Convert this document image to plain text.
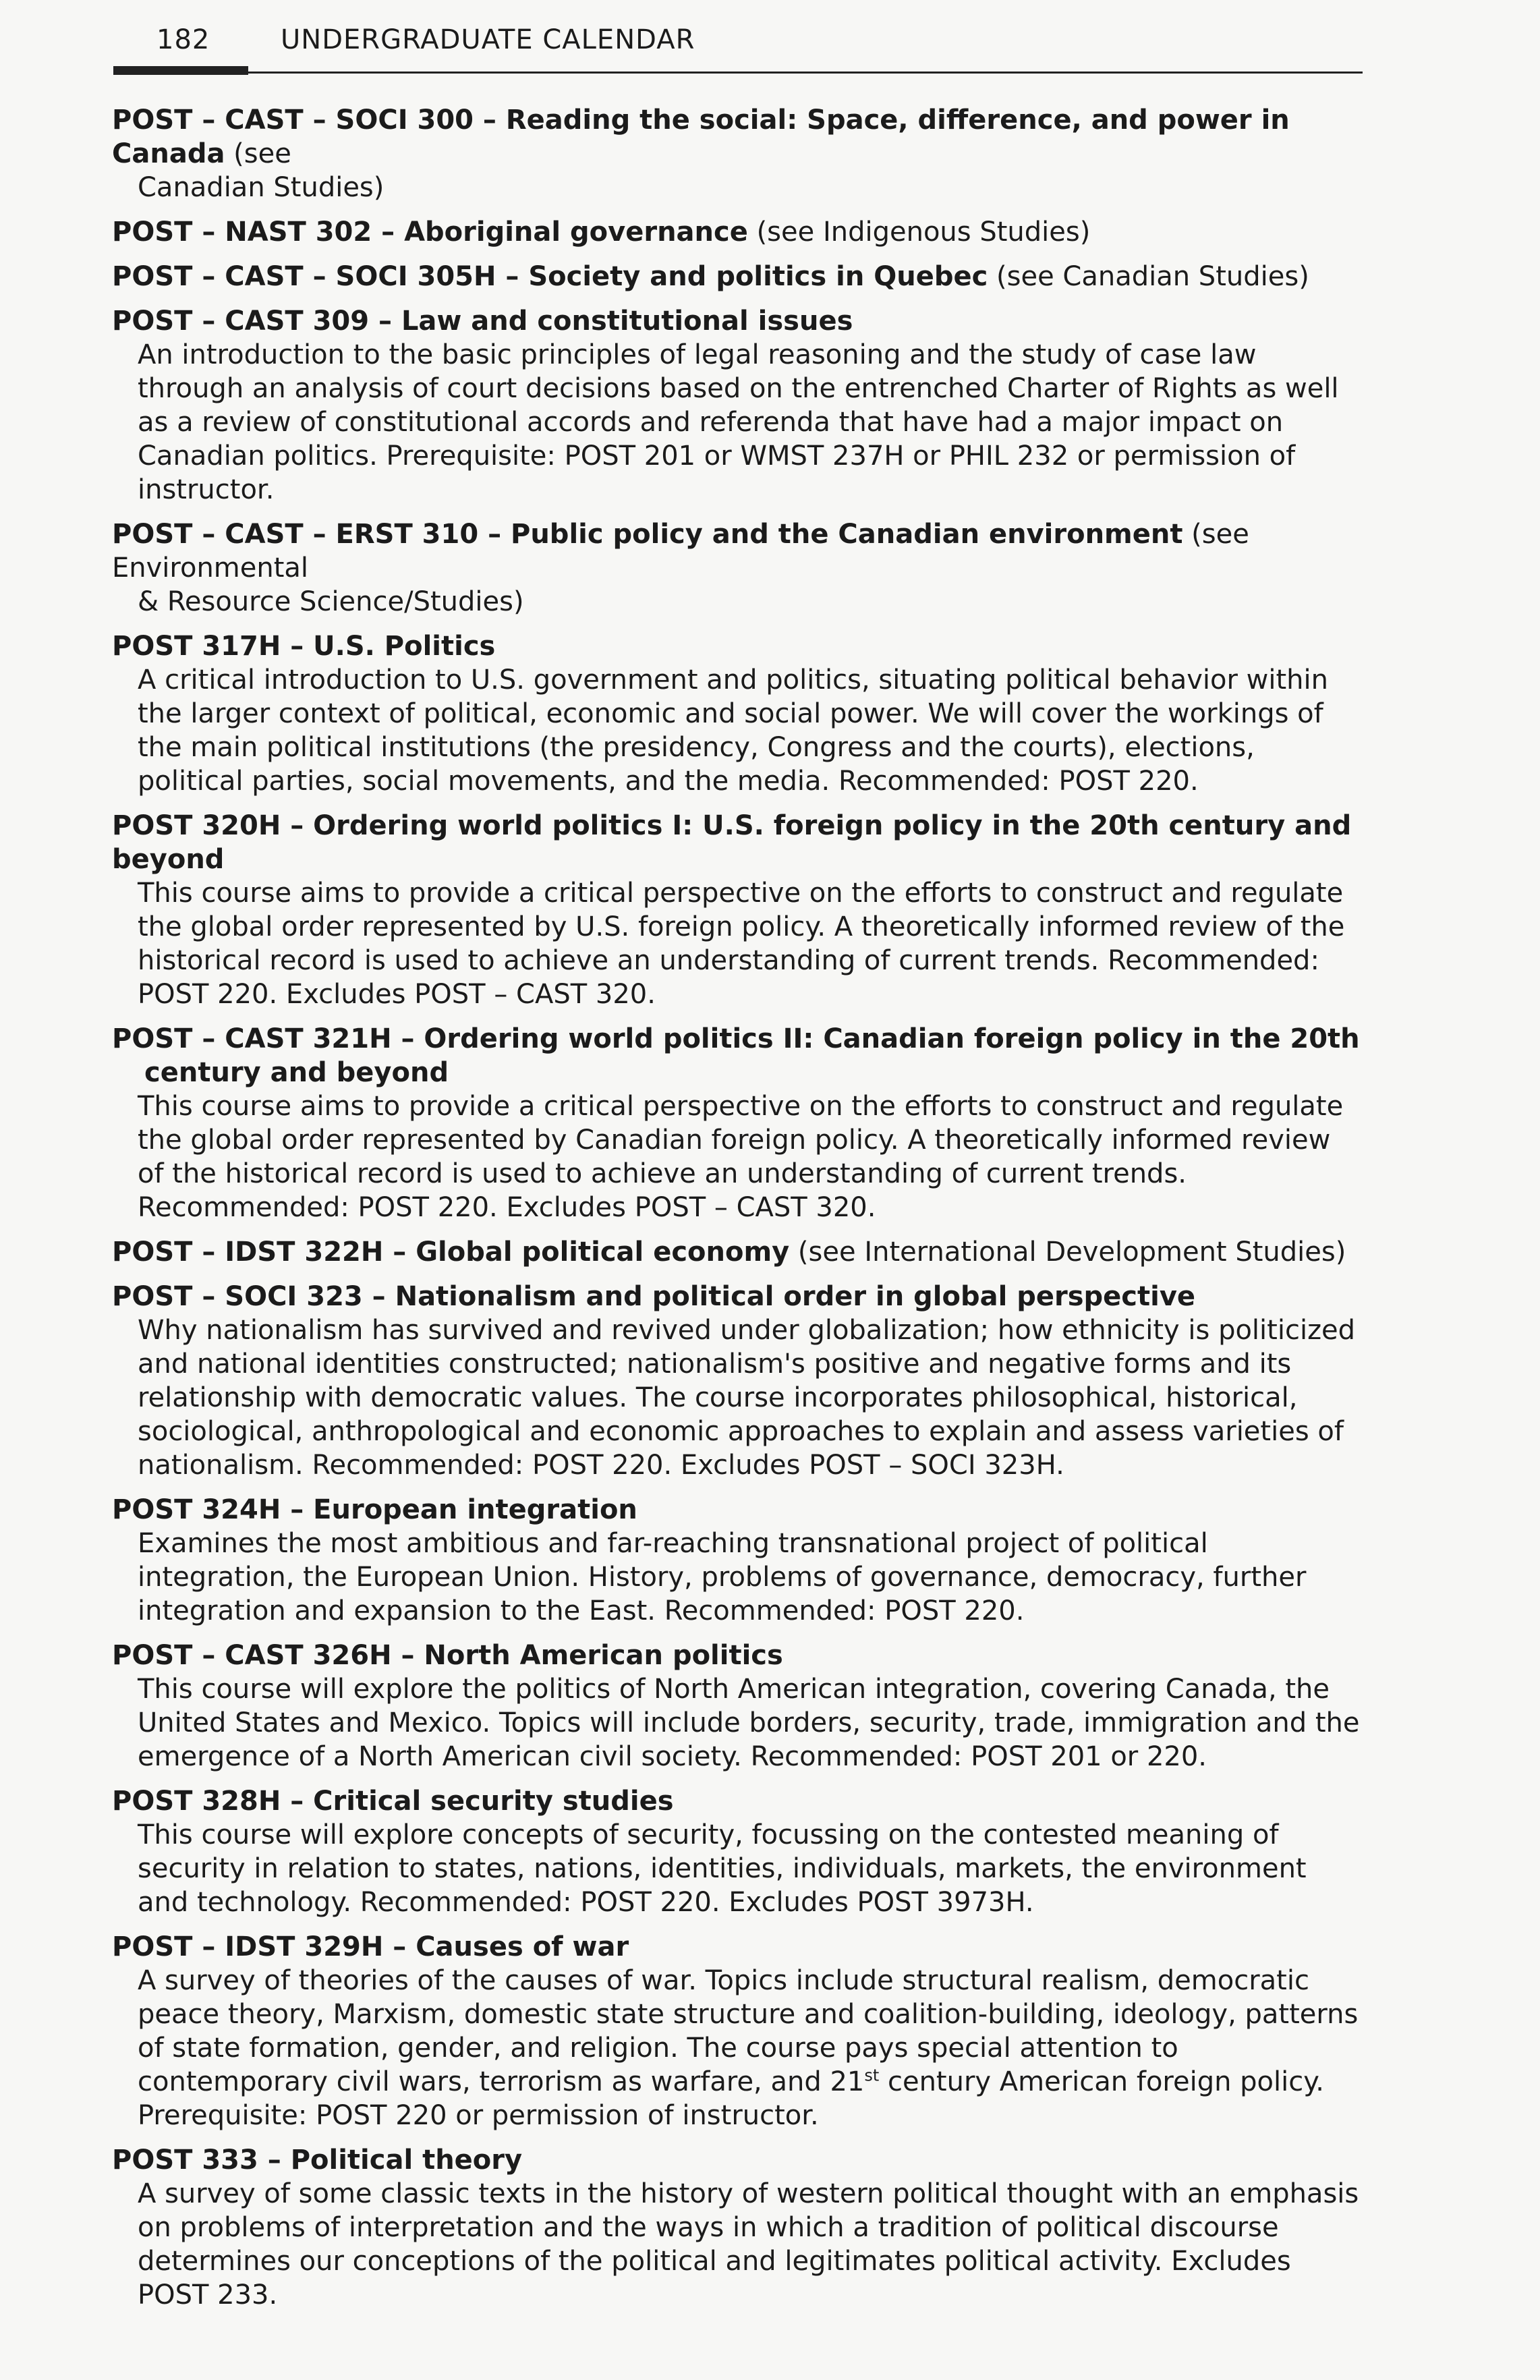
182	UNDERGRADUATE CALENDAR
POST – CAST – SOCI 300 – Reading the social: Space, difference, and power in Canada (see
Canadian Studies)
POST – NAST 302 – Aboriginal governance (see Indigenous Studies)
POST – CAST – SOCI 305H – Society and politics in Quebec (see Canadian Studies)
POST – CAST 309 – Law and constitutional issues
An introduction to the basic principles of legal reasoning and the study of case law through an analysis of court decisions based on the entrenched Charter of Rights as well as a review of constitutional accords and referenda that have had a major impact on Canadian politics. Prerequisite: POST 201 or WMST 237H or PHIL 232 or permission of instructor.
POST – CAST – ERST 310 – Public policy and the Canadian environment (see Environmental
& Resource Science/Studies)
POST 317H – U.S. Politics
A critical introduction to U.S. government and politics, situating political behavior within the larger context of political, economic and social power. We will cover the workings of the main political institutions (the presidency, Congress and the courts), elections, political parties, social movements, and the media. Recommended: POST 220.
POST 320H – Ordering world politics I: U.S. foreign policy in the 20th century and beyond
This course aims to provide a critical perspective on the efforts to construct and regulate the global order represented by U.S. foreign policy. A theoretically informed review of the historical record is used to achieve an understanding of current trends. Recommended: POST 220. Excludes POST – CAST 320.
POST – CAST 321H – Ordering world politics II: Canadian foreign policy in the 20th
century and beyond
This course aims to provide a critical perspective on the efforts to construct and regulate the global order represented by Canadian foreign policy. A theoretically informed review of the historical record is used to achieve an understanding of current trends. Recommended: POST 220. Excludes POST – CAST 320.
POST – IDST 322H – Global political economy (see International Development Studies)
POST – SOCI 323 – Nationalism and political order in global perspective
Why nationalism has survived and revived under globalization; how ethnicity is politicized and national identities constructed; nationalism's positive and negative forms and its relationship with democratic values. The course incorporates philosophical, historical, sociological, anthropological and economic approaches to explain and assess varieties of nationalism. Recommended: POST 220. Excludes POST – SOCI 323H.
POST 324H – European integration
Examines the most ambitious and far-reaching transnational project of political integration, the European Union. History, problems of governance, democracy, further integration and expansion to the East. Recommended: POST 220.
POST – CAST 326H – North American politics
This course will explore the politics of North American integration, covering Canada, the United States and Mexico. Topics will include borders, security, trade, immigration and the emergence of a North American civil society. Recommended: POST 201 or 220.
POST 328H – Critical security studies
This course will explore concepts of security, focussing on the contested meaning of security in relation to states, nations, identities, individuals, markets, the environment and technology. Recommended: POST 220. Excludes POST 3973H.
POST – IDST 329H – Causes of war
A survey of theories of the causes of war. Topics include structural realism, democratic peace theory, Marxism, domestic state structure and coalition-building, ideology, patterns of state formation, gender, and religion. The course pays special attention to contemporary civil wars, terrorism as warfare, and 21st century American foreign policy. Prerequisite: POST 220 or permission of instructor.
POST 333 – Political theory
A survey of some classic texts in the history of western political thought with an emphasis on problems of interpretation and the ways in which a tradition of political discourse determines our conceptions of the political and legitimates political activity. Excludes POST 233.
